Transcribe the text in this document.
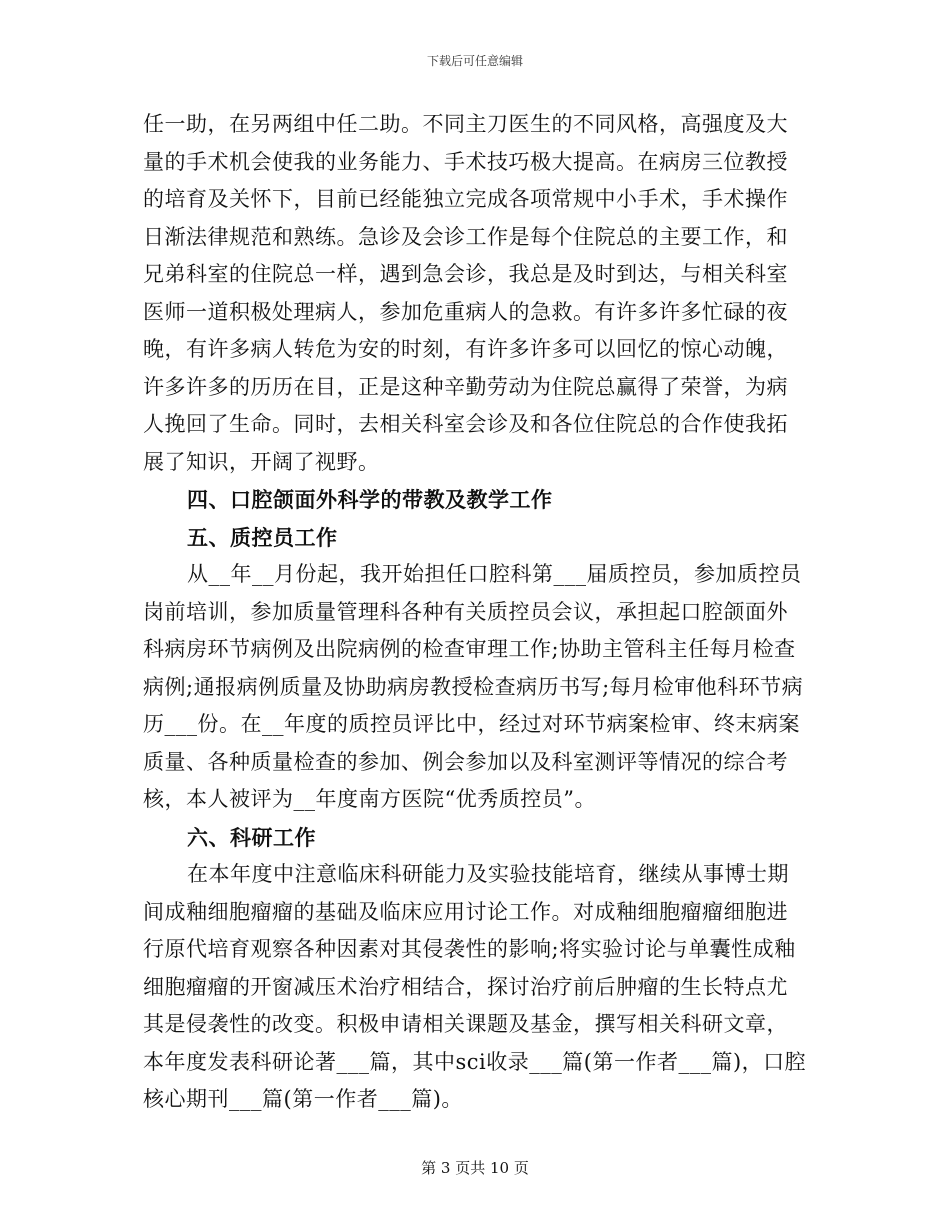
下载后可任意编辑

任一助，在另两组中任二助。不同主刀医生的不同风格，高强度及大量的手术机会使我的业务能力、手术技巧极大提高。在病房三位教授的培育及关怀下，目前已经能独立完成各项常规中小手术，手术操作日渐法律规范和熟练。急诊及会诊工作是每个住院总的主要工作，和兄弟科室的住院总一样，遇到急会诊，我总是及时到达，与相关科室医师一道积极处理病人，参加危重病人的急救。有许多许多忙碌的夜晚，有许多病人转危为安的时刻，有许多许多可以回忆的惊心动魄，许多许多的历历在目，正是这种辛勤劳动为住院总赢得了荣誉，为病人挽回了生命。同时，去相关科室会诊及和各位住院总的合作使我拓展了知识，开阔了视野。

四、口腔颌面外科学的带教及教学工作

五、质控员工作

从__年__月份起，我开始担任口腔科第___届质控员，参加质控员岗前培训，参加质量管理科各种有关质控员会议，承担起口腔颌面外科病房环节病例及出院病例的检查审理工作;协助主管科主任每月检查病例;通报病例质量及协助病房教授检查病历书写;每月检审他科环节病历___份。在__年度的质控员评比中，经过对环节病案检审、终末病案质量、各种质量检查的参加、例会参加以及科室测评等情况的综合考核，本人被评为__年度南方医院“优秀质控员”。

六、科研工作

在本年度中注意临床科研能力及实验技能培育，继续从事博士期间成釉细胞瘤瘤的基础及临床应用讨论工作。对成釉细胞瘤瘤细胞进行原代培育观察各种因素对其侵袭性的影响;将实验讨论与单囊性成釉细胞瘤瘤的开窗减压术治疗相结合，探讨治疗前后肿瘤的生长特点尤其是侵袭性的改变。积极申请相关课题及基金，撰写相关科研文章，本年度发表科研论著___篇，其中sci收录___篇(第一作者___篇)，口腔核心期刊___篇(第一作者___篇)。

第 3 页共 10 页
